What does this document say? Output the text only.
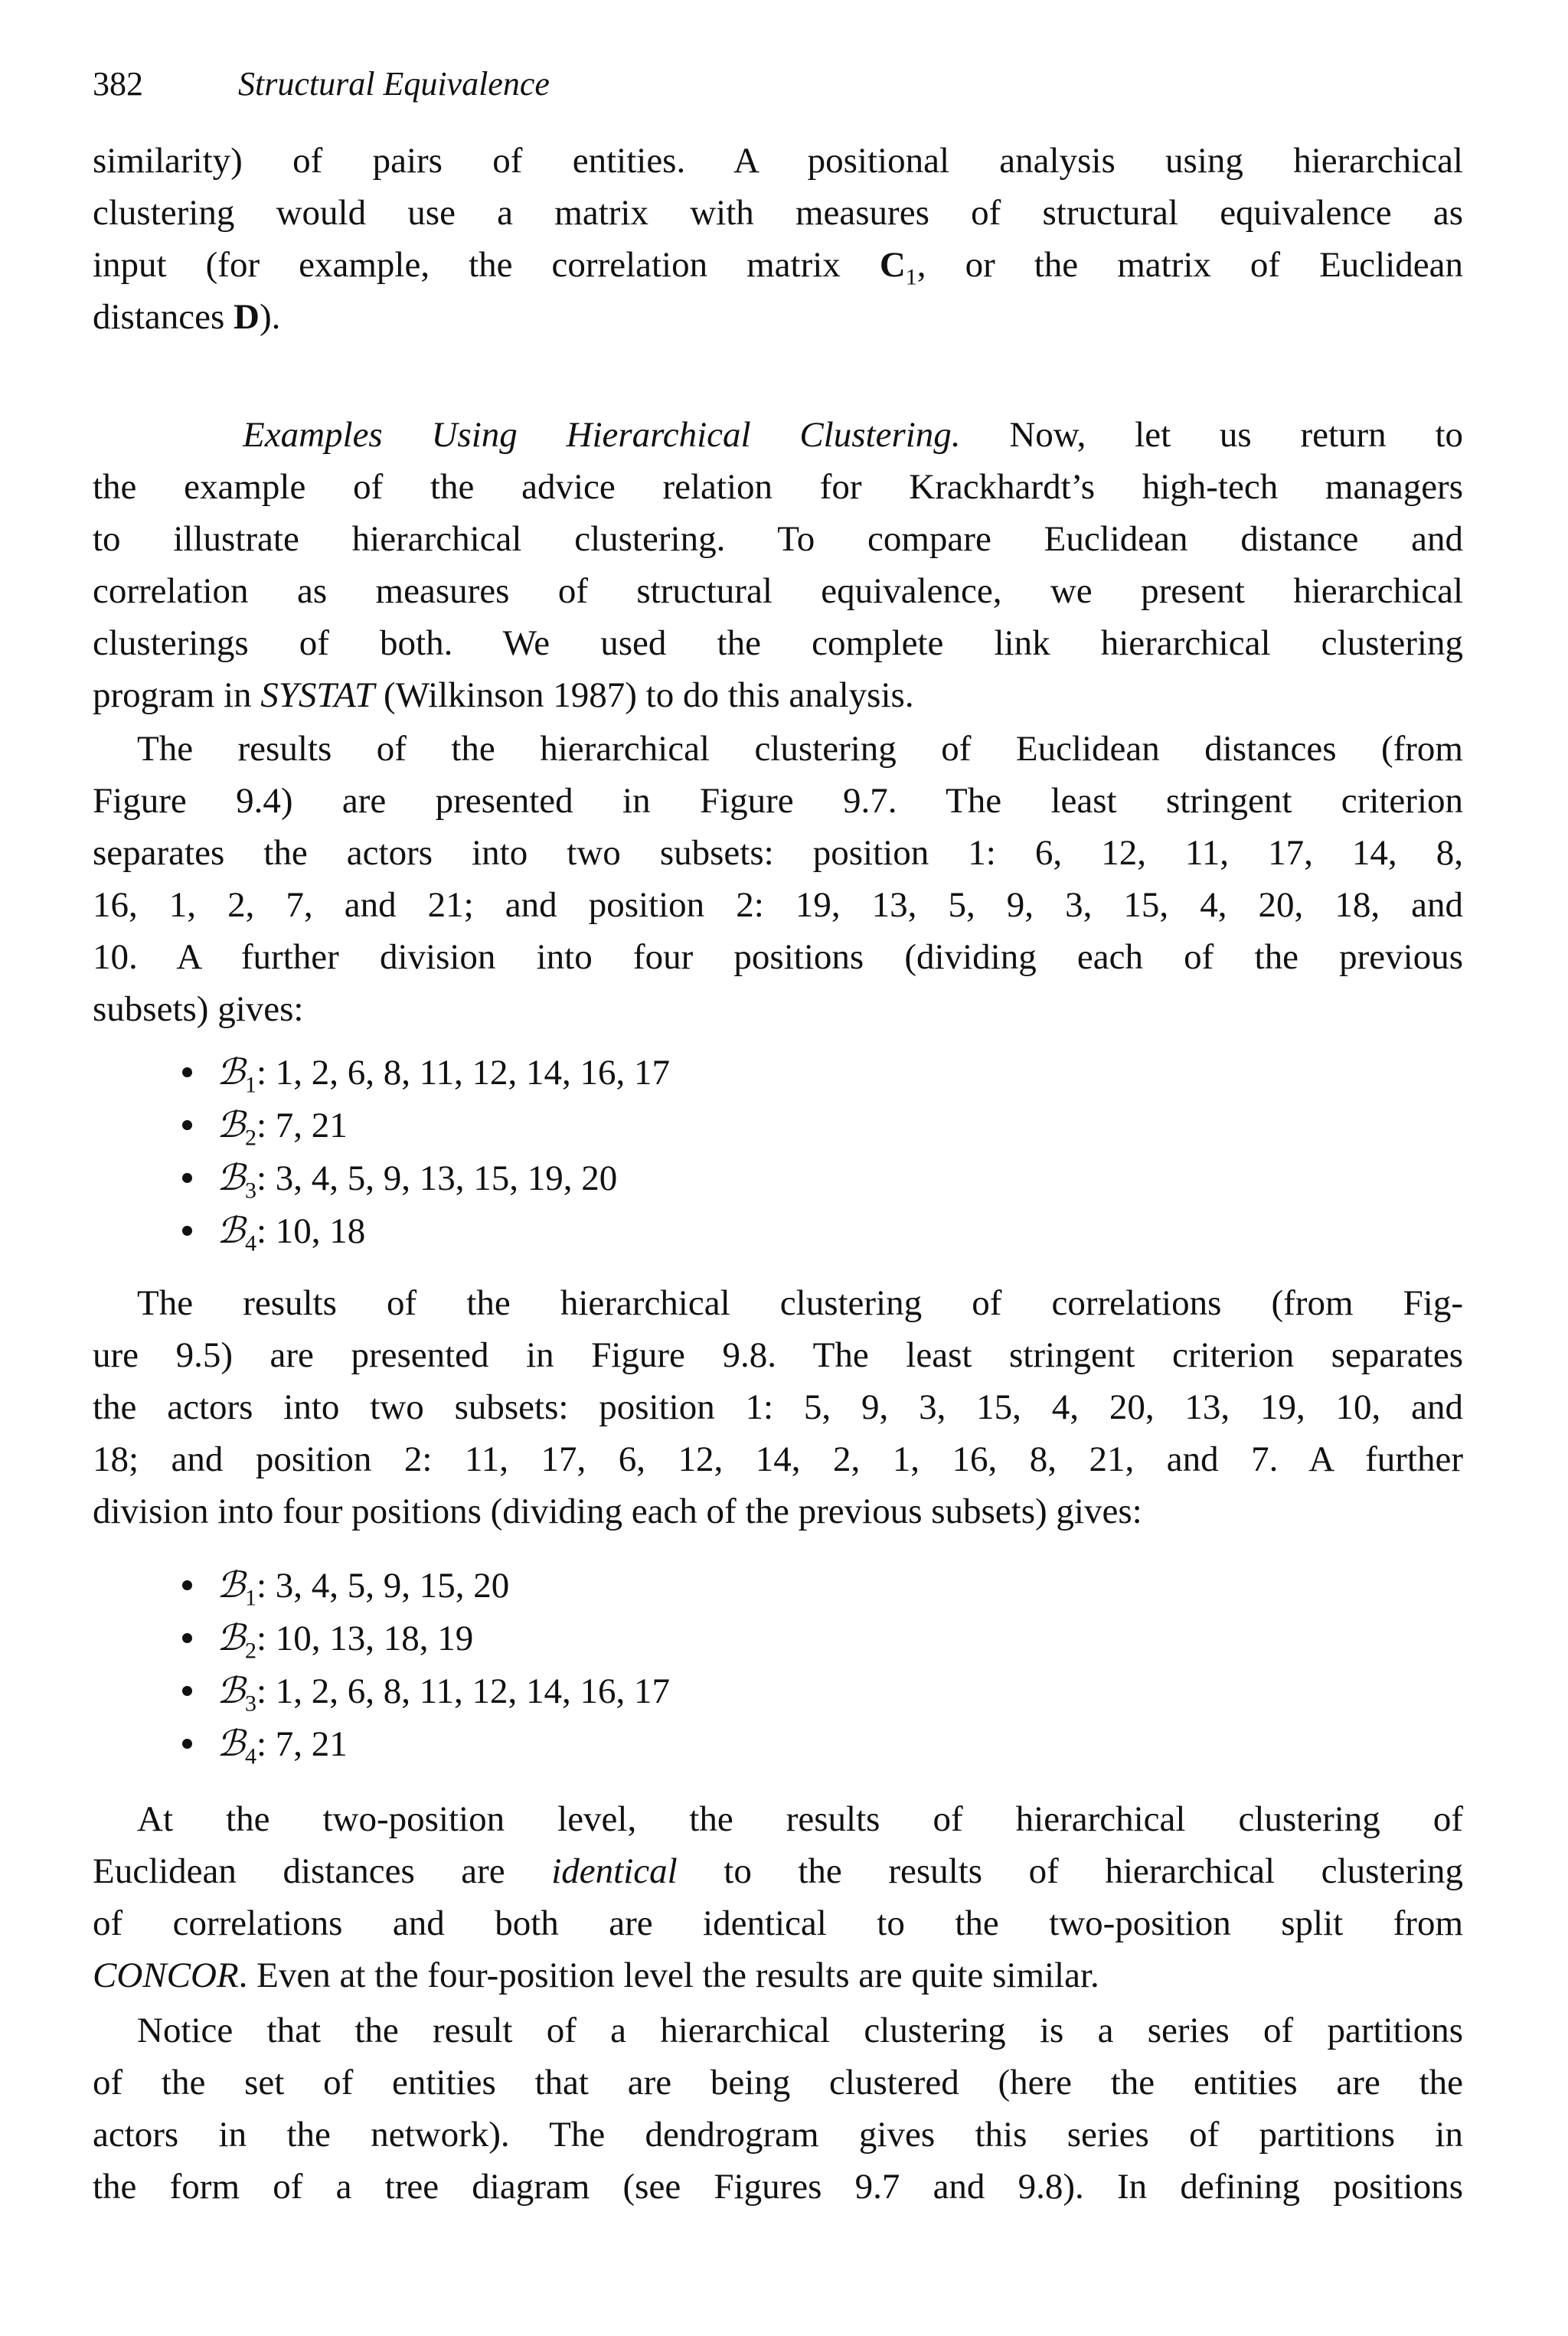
382	Structural Equivalence
similarity) of pairs of entities. A positional analysis using hierarchical
clustering would use a matrix with measures of structural equivalence as
input (for example, the correlation matrix $C_1$, or the matrix of Euclidean
distances D).
Examples Using Hierarchical Clustering. Now, let us return to
the example of the advice relation for Krackhardt’s high-tech managers
to illustrate hierarchical clustering. To compare Euclidean distance and
correlation as measures of structural equivalence, we present hierarchical
clusterings of both. We used the complete link hierarchical clustering
program in SYSTAT (Wilkinson 1987) to do this analysis.
The results of the hierarchical clustering of Euclidean distances (from
Figure 9.4) are presented in Figure 9.7. The least stringent criterion
separates the actors into two subsets: position 1: 6, 12, 11, 17, 14, 8,
16, 1, 2, 7, and 21; and position 2: 19, 13, 5, 9, 3, 15, 4, 20, 18, and
10. A further division into four positions (dividing each of the previous
subsets) gives:
ℬ$_1$: 1, 2, 6, 8, 11, 12, 14, 16, 17
ℬ$_2$: 7, 21
ℬ$_3$: 3, 4, 5, 9, 13, 15, 19, 20
ℬ$_4$: 10, 18
The results of the hierarchical clustering of correlations (from Fig-
ure 9.5) are presented in Figure 9.8. The least stringent criterion separates
the actors into two subsets: position 1: 5, 9, 3, 15, 4, 20, 13, 19, 10, and
18; and position 2: 11, 17, 6, 12, 14, 2, 1, 16, 8, 21, and 7. A further
division into four positions (dividing each of the previous subsets) gives:
ℬ$_1$: 3, 4, 5, 9, 15, 20
ℬ$_2$: 10, 13, 18, 19
ℬ$_3$: 1, 2, 6, 8, 11, 12, 14, 16, 17
ℬ$_4$: 7, 21
At the two-position level, the results of hierarchical clustering of
Euclidean distances are identical to the results of hierarchical clustering
of correlations and both are identical to the two-position split from
CONCOR. Even at the four-position level the results are quite similar.
Notice that the result of a hierarchical clustering is a series of partitions
of the set of entities that are being clustered (here the entities are the
actors in the network). The dendrogram gives this series of partitions in
the form of a tree diagram (see Figures 9.7 and 9.8). In defining positions
